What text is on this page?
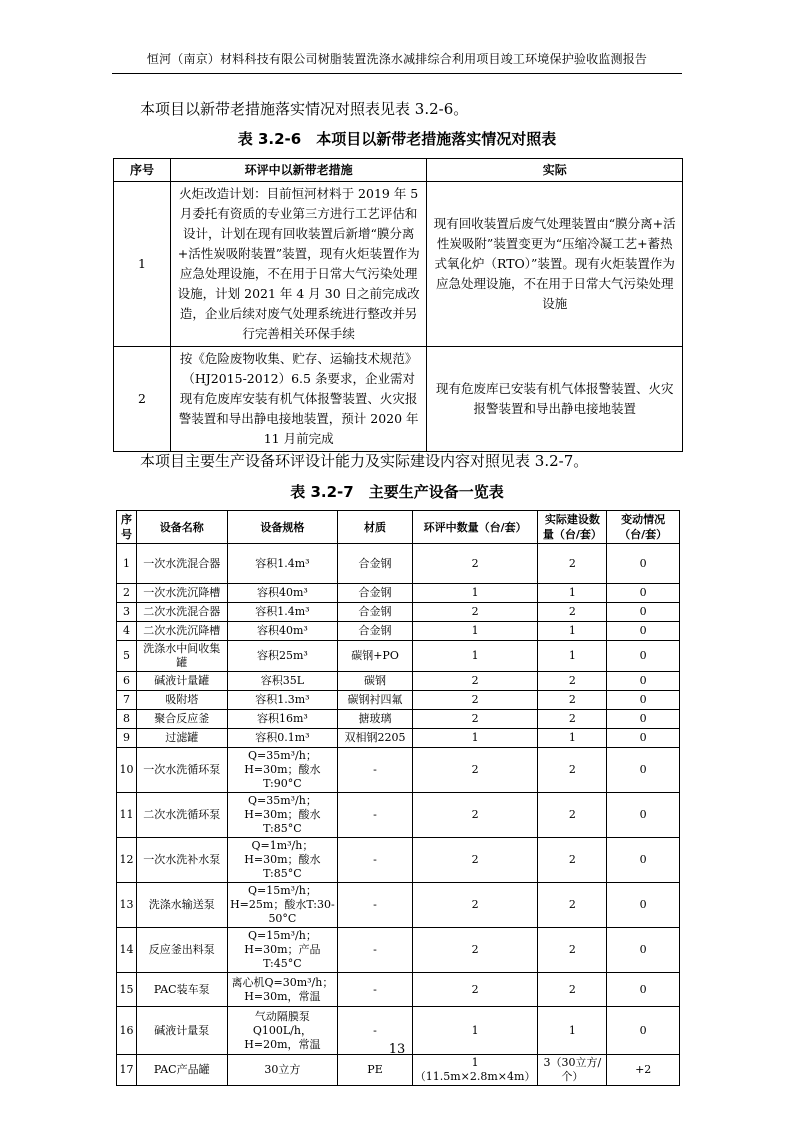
恒河（南京）材料科技有限公司树脂装置洗涤水减排综合利用项目竣工环境保护验收监测报告
本项目以新带老措施落实情况对照表见表 3.2-6。
表 3.2-6　本项目以新带老措施落实情况对照表
序号	环评中以新带老措施	实际
1	火炬改造计划：目前恒河材料于 2019 年 5 月委托有资质的专业第三方进行工艺评估和设计，计划在现有回收装置后新增“膜分离+活性炭吸附装置”装置，现有火炬装置作为应急处理设施，不在用于日常大气污染处理设施，计划 2021 年 4 月 30 日之前完成改造，企业后续对废气处理系统进行整改并另行完善相关环保手续	现有回收装置后废气处理装置由“膜分离+活性炭吸附”装置变更为“压缩冷凝工艺+蓄热式氧化炉（RTO）”装置。现有火炬装置作为应急处理设施，不在用于日常大气污染处理设施
2	按《危险废物收集、贮存、运输技术规范》（HJ2015-2012）6.5 条要求，企业需对现有危废库安装有机气体报警装置、火灾报警装置和导出静电接地装置，预计 2020 年 11 月前完成	现有危废库已安装有机气体报警装置、火灾报警装置和导出静电接地装置
本项目主要生产设备环评设计能力及实际建设内容对照见表 3.2-7。
表 3.2-7　主要生产设备一览表
序号	设备名称	设备规格	材质	环评中数量（台/套）	实际建设数量（台/套）	变动情况（台/套）
1	一次水洗混合器	容积1.4m³	合金钢	2	2	0
2	一次水洗沉降槽	容积40m³	合金钢	1	1	0
3	二次水洗混合器	容积1.4m³	合金钢	2	2	0
4	二次水洗沉降槽	容积40m³	合金钢	1	1	0
5	洗涤水中间收集罐	容积25m³	碳钢+PO	1	1	0
6	碱液计量罐	容积35L	碳钢	2	2	0
7	吸附塔	容积1.3m³	碳钢衬四氟	2	2	0
8	聚合反应釜	容积16m³	搪玻璃	2	2	0
9	过滤罐	容积0.1m³	双相钢2205	1	1	0
10	一次水洗循环泵	Q=35m³/h；H=30m；酸水T:90°C	-	2	2	0
11	二次水洗循环泵	Q=35m³/h；H=30m；酸水T:85°C	-	2	2	0
12	一次水洗补水泵	Q=1m³/h；H=30m；酸水T:85°C	-	2	2	0
13	洗涤水输送泵	Q=15m³/h；H=25m；酸水T:30-50°C	-	2	2	0
14	反应釜出料泵	Q=15m³/h；H=30m；产品T:45°C	-	2	2	0
15	PAC装车泵	离心机Q=30m³/h；H=30m，常温	-	2	2	0
16	碱液计量泵	气动隔膜泵Q100L/h，H=20m，常温	-	1	1	0
17	PAC产品罐	30立方	PE	1（11.5m×2.8m×4m）	3（30立方/个）	+2
13
